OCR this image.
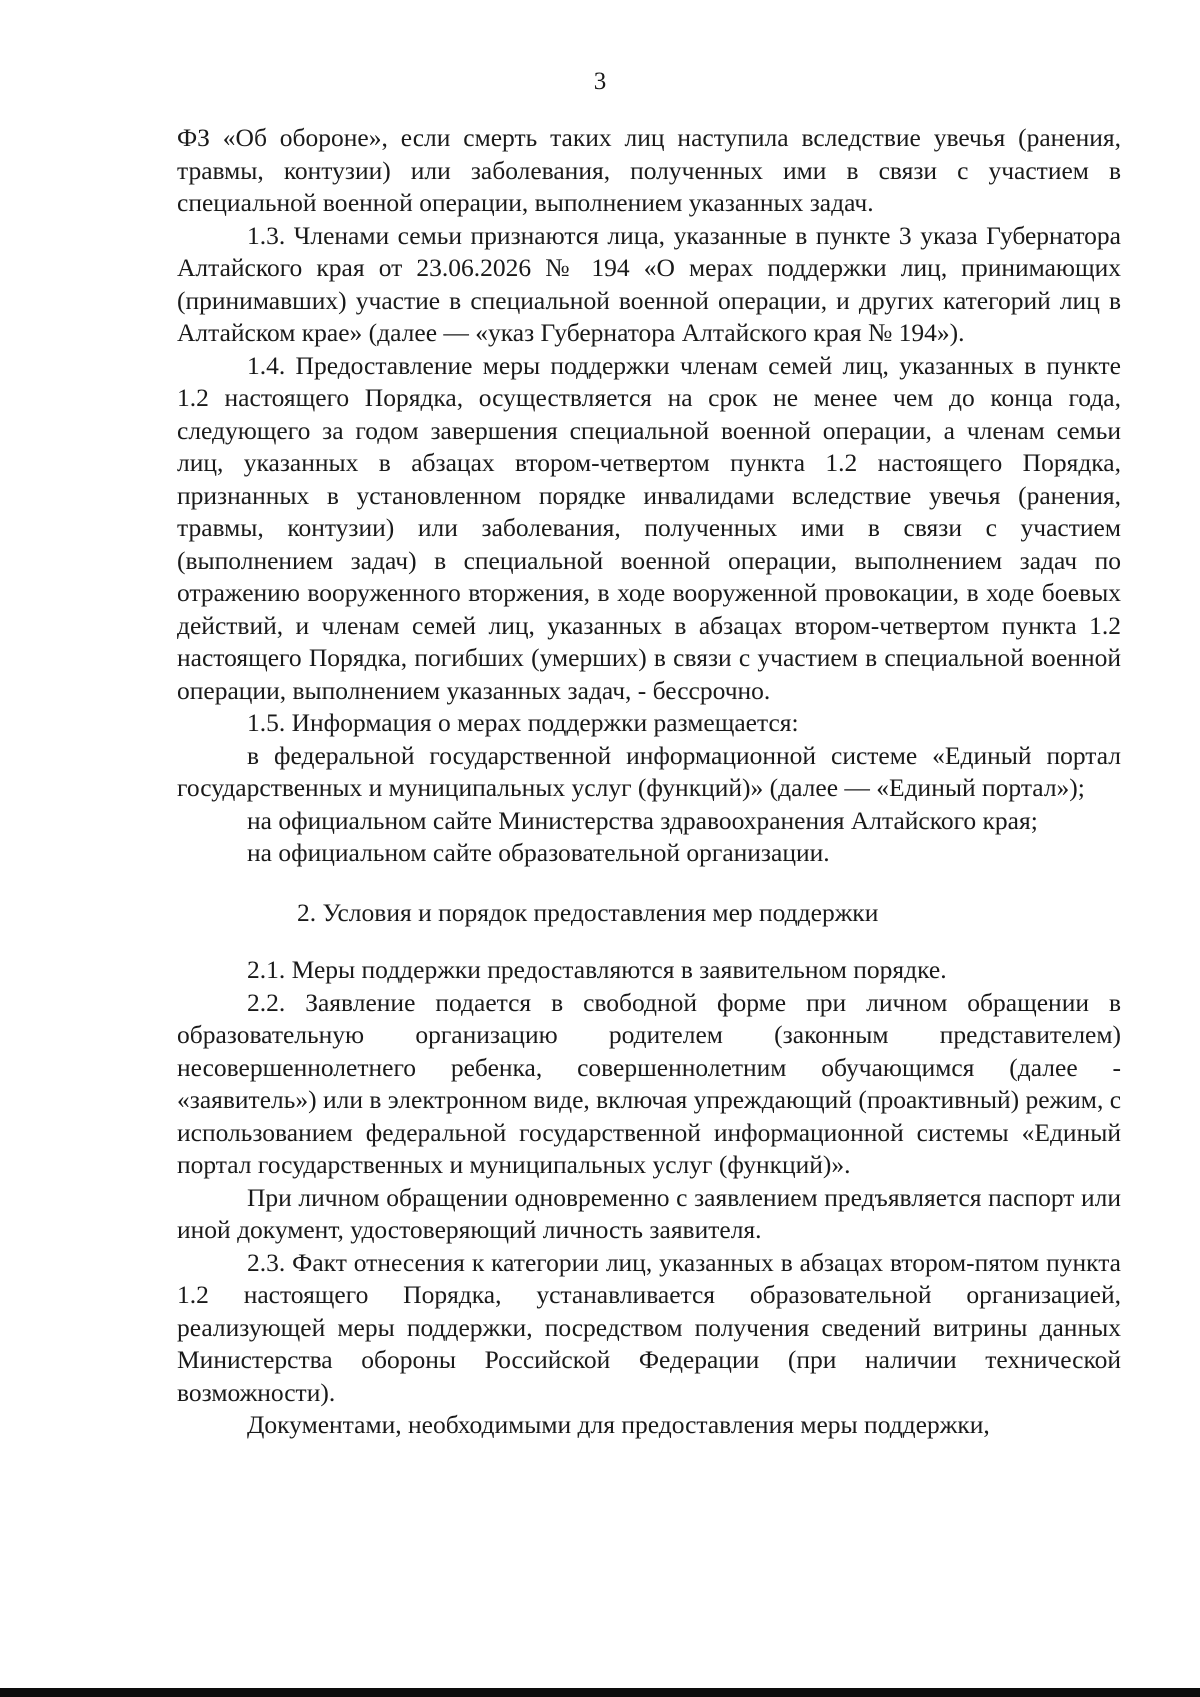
3

ФЗ «Об обороне», если смерть таких лиц наступила вследствие увечья (ранения, травмы, контузии) или заболевания, полученных ими в связи с участием в специальной военной операции, выполнением указанных задач.

1.3. Членами семьи признаются лица, указанные в пункте 3 указа Губернатора Алтайского края от 23.06.2026 № 194 «О мерах поддержки лиц, принимающих (принимавших) участие в специальной военной операции, и других категорий лиц в Алтайском крае» (далее — «указ Губернатора Алтайского края № 194»).

1.4. Предоставление меры поддержки членам семей лиц, указанных в пункте 1.2 настоящего Порядка, осуществляется на срок не менее чем до конца года, следующего за годом завершения специальной военной операции, а членам семьи лиц, указанных в абзацах втором-четвертом пункта 1.2 настоящего Порядка, признанных в установленном порядке инвалидами вследствие увечья (ранения, травмы, контузии) или заболевания, полученных ими в связи с участием (выполнением задач) в специальной военной операции, выполнением задач по отражению вооруженного вторжения, в ходе вооруженной провокации, в ходе боевых действий, и членам семей лиц, указанных в абзацах втором-четвертом пункта 1.2 настоящего Порядка, погибших (умерших) в связи с участием в специальной военной операции, выполнением указанных задач, - бессрочно.

1.5. Информация о мерах поддержки размещается:

в федеральной государственной информационной системе «Единый портал государственных и муниципальных услуг (функций)» (далее — «Единый портал»);

на официальном сайте Министерства здравоохранения Алтайского края;

на официальном сайте образовательной организации.

2. Условия и порядок предоставления мер поддержки

2.1. Меры поддержки предоставляются в заявительном порядке.

2.2. Заявление подается в свободной форме при личном обращении в образовательную организацию родителем (законным представителем) несовершеннолетнего ребенка, совершеннолетним обучающимся (далее - «заявитель») или в электронном виде, включая упреждающий (проактивный) режим, с использованием федеральной государственной информационной системы «Единый портал государственных и муниципальных услуг (функций)».

При личном обращении одновременно с заявлением предъявляется паспорт или иной документ, удостоверяющий личность заявителя.

2.3. Факт отнесения к категории лиц, указанных в абзацах втором-пятом пункта 1.2 настоящего Порядка, устанавливается образовательной организацией, реализующей меры поддержки, посредством получения сведений витрины данных Министерства обороны Российской Федерации (при наличии технической возможности).

Документами, необходимыми для предоставления меры поддержки,
